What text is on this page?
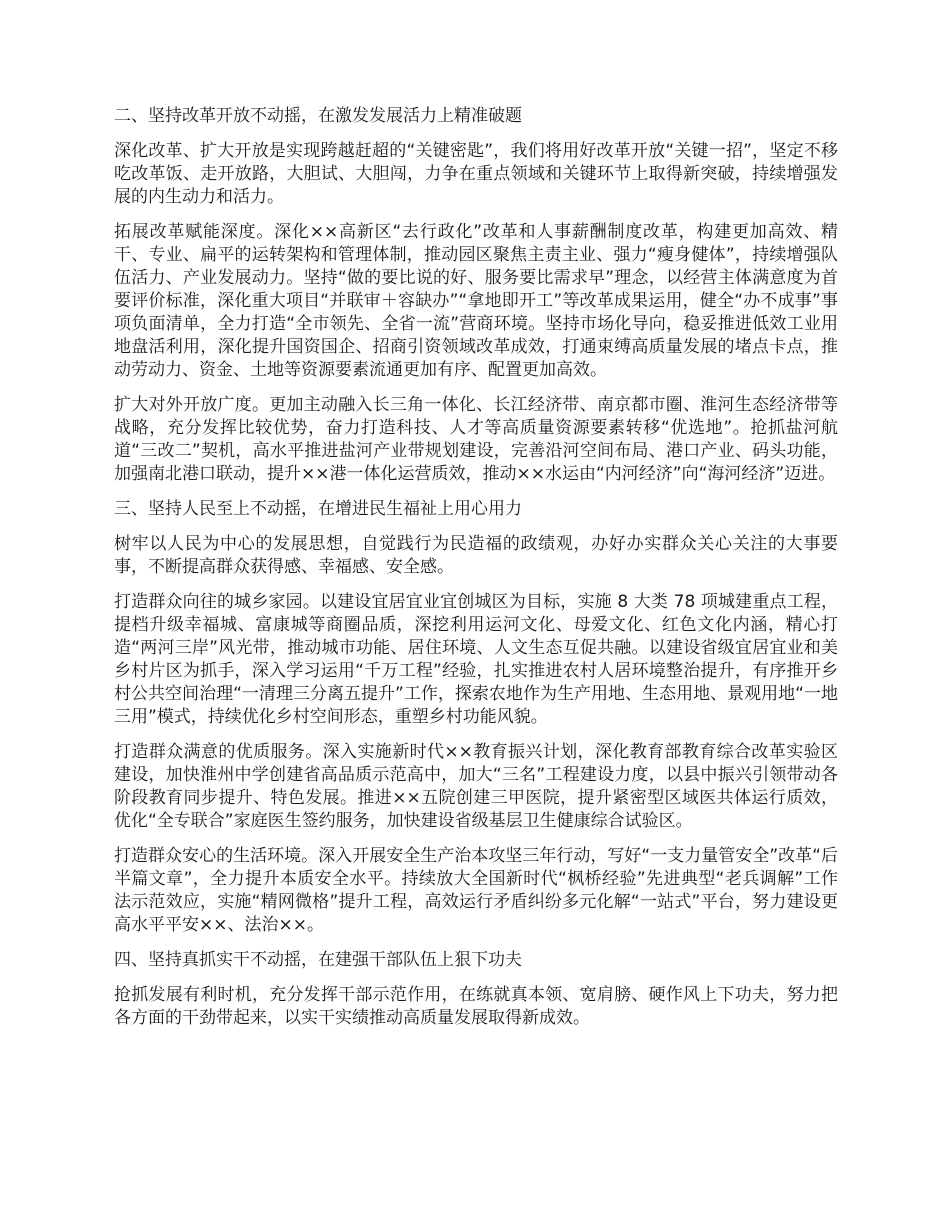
二、坚持改革开放不动摇，在激发发展活力上精准破题

深化改革、扩大开放是实现跨越赶超的“关键密匙”，我们将用好改革开放“关键一招”，坚定不移吃改革饭、走开放路，大胆试、大胆闯，力争在重点领域和关键环节上取得新突破，持续增强发展的内生动力和活力。

拓展改革赋能深度。深化××高新区“去行政化”改革和人事薪酬制度改革，构建更加高效、精干、专业、扁平的运转架构和管理体制，推动园区聚焦主责主业、强力“瘦身健体”，持续增强队伍活力、产业发展动力。坚持“做的要比说的好、服务要比需求早”理念，以经营主体满意度为首要评价标准，深化重大项目“并联审＋容缺办”“拿地即开工”等改革成果运用，健全“办不成事”事项负面清单，全力打造“全市领先、全省一流”营商环境。坚持市场化导向，稳妥推进低效工业用地盘活利用，深化提升国资国企、招商引资领域改革成效，打通束缚高质量发展的堵点卡点，推动劳动力、资金、土地等资源要素流通更加有序、配置更加高效。

扩大对外开放广度。更加主动融入长三角一体化、长江经济带、南京都市圈、淮河生态经济带等战略，充分发挥比较优势，奋力打造科技、人才等高质量资源要素转移“优选地”。抢抓盐河航道“三改二”契机，高水平推进盐河产业带规划建设，完善沿河空间布局、港口产业、码头功能，加强南北港口联动，提升××港一体化运营质效，推动××水运由“内河经济”向“海河经济”迈进。

三、坚持人民至上不动摇，在增进民生福祉上用心用力

树牢以人民为中心的发展思想，自觉践行为民造福的政绩观，办好办实群众关心关注的大事要事，不断提高群众获得感、幸福感、安全感。

打造群众向往的城乡家园。以建设宜居宜业宜创城区为目标，实施 8 大类 78 项城建重点工程，提档升级幸福城、富康城等商圈品质，深挖利用运河文化、母爱文化、红色文化内涵，精心打造“两河三岸”风光带，推动城市功能、居住环境、人文生态互促共融。以建设省级宜居宜业和美乡村片区为抓手，深入学习运用“千万工程”经验，扎实推进农村人居环境整治提升，有序推开乡村公共空间治理“一清理三分离五提升”工作，探索农地作为生产用地、生态用地、景观用地“一地三用”模式，持续优化乡村空间形态，重塑乡村功能风貌。

打造群众满意的优质服务。深入实施新时代××教育振兴计划，深化教育部教育综合改革实验区建设，加快淮州中学创建省高品质示范高中，加大“三名”工程建设力度，以县中振兴引领带动各阶段教育同步提升、特色发展。推进××五院创建三甲医院，提升紧密型区域医共体运行质效，优化“全专联合”家庭医生签约服务，加快建设省级基层卫生健康综合试验区。

打造群众安心的生活环境。深入开展安全生产治本攻坚三年行动，写好“一支力量管安全”改革“后半篇文章”，全力提升本质安全水平。持续放大全国新时代“枫桥经验”先进典型“老兵调解”工作法示范效应，实施“精网微格”提升工程，高效运行矛盾纠纷多元化解“一站式”平台，努力建设更高水平平安××、法治××。

四、坚持真抓实干不动摇，在建强干部队伍上狠下功夫

抢抓发展有利时机，充分发挥干部示范作用，在练就真本领、宽肩膀、硬作风上下功夫，努力把各方面的干劲带起来，以实干实绩推动高质量发展取得新成效。
